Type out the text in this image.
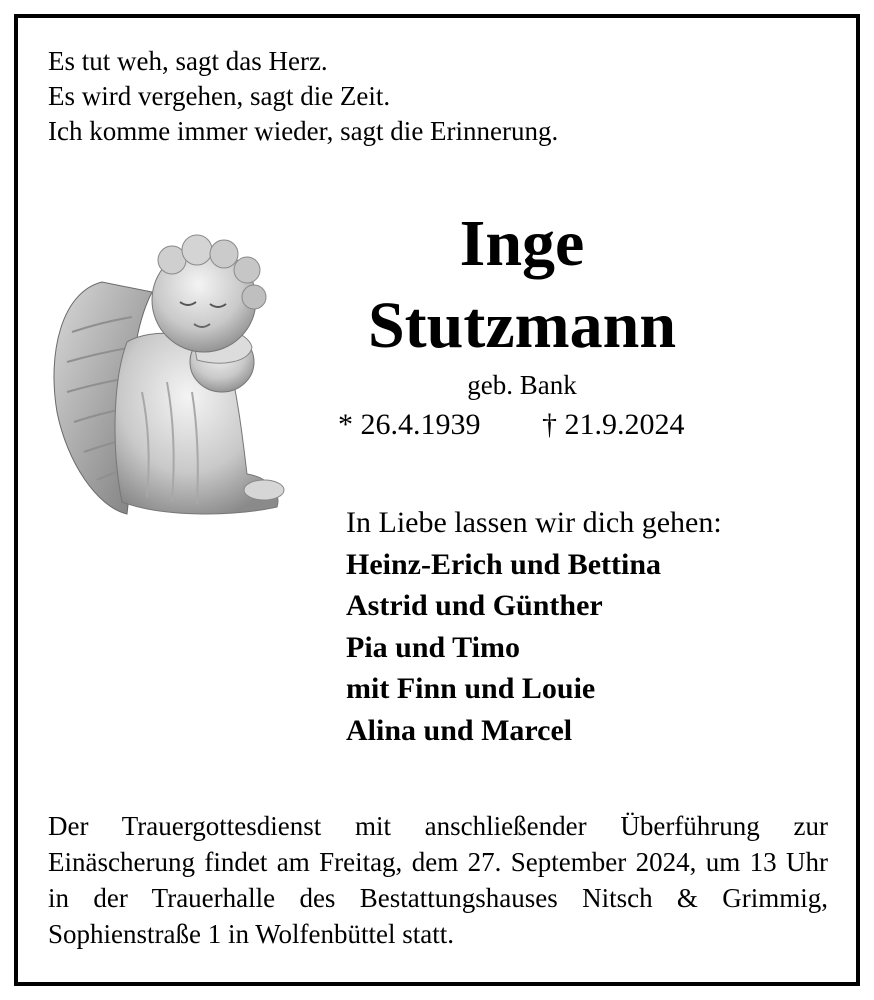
Es tut weh, sagt das Herz.
Es wird vergehen, sagt die Zeit.
Ich komme immer wieder, sagt die Erinnerung.
Inge
Stutzmann
geb. Bank
* 26.4.1939 † 21.9.2024
In Liebe lassen wir dich gehen:
Heinz-Erich und Bettina
Astrid und Günther
Pia und Timo
mit Finn und Louie
Alina und Marcel
Der Trauergottesdienst mit anschließender Überführung zur Einäscherung findet am Freitag, dem 27. September 2024, um 13 Uhr in der Trauerhalle des Bestattungshauses Nitsch & Grimmig, Sophienstraße 1 in Wolfenbüttel statt.
